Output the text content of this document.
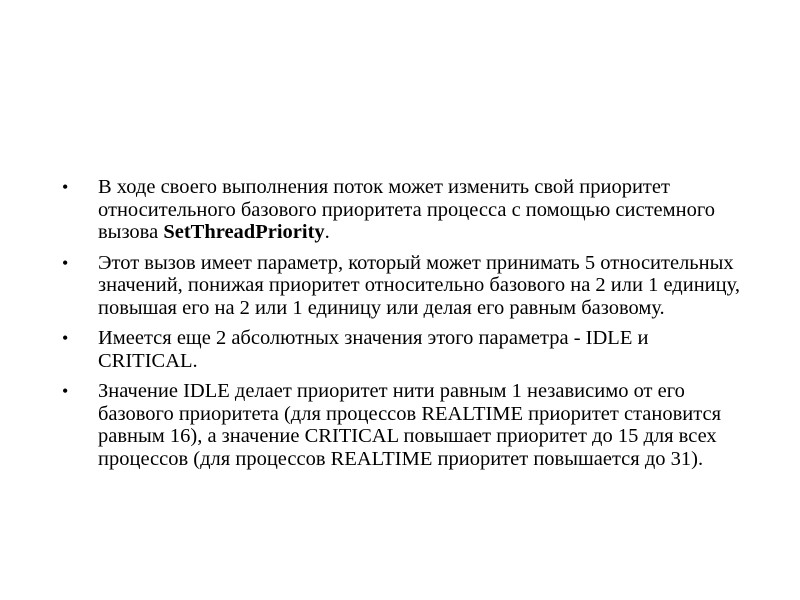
• В ходе своего выполнения поток может изменить свой приоритет относительного базового приоритета процесса с помощью системного вызова SetThreadPriority.
• Этот вызов имеет параметр, который может принимать 5 относительных значений, понижая приоритет относительно базового на 2 или 1 единицу, повышая его на 2 или 1 единицу или делая его равным базовому.
• Имеется еще 2 абсолютных значения этого параметра - IDLE и CRITICAL.
• Значение IDLE делает приоритет нити равным 1 независимо от его базового приоритета (для процессов REALTIME приоритет становится равным 16), а значение CRITICAL повышает приоритет до 15 для всех процессов (для процессов REALTIME приоритет повышается до 31).
